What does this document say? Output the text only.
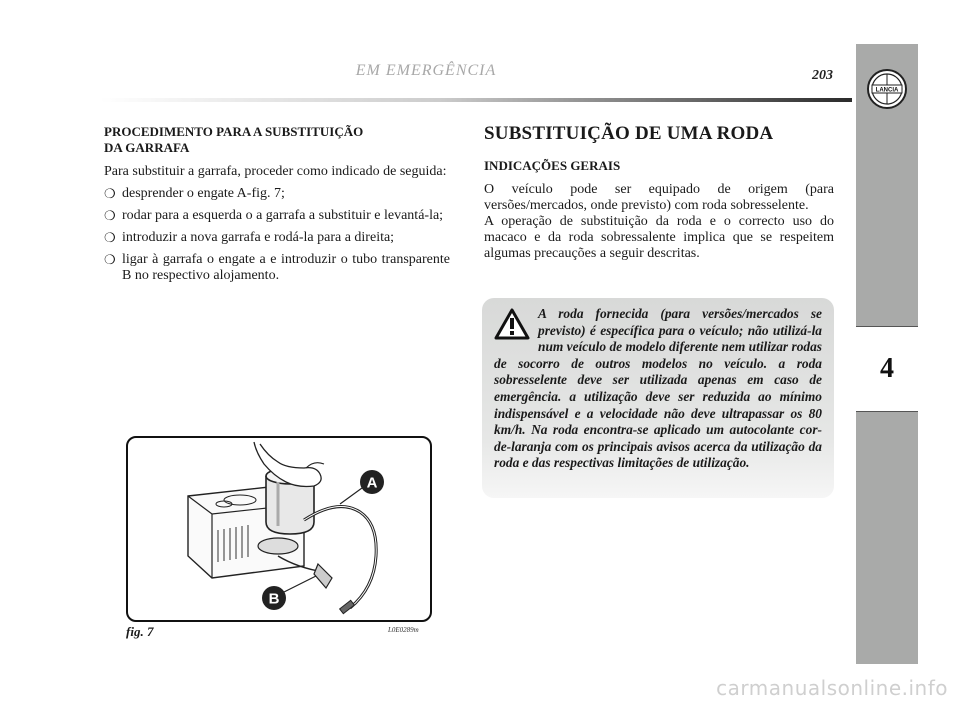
EM EMERGÊNCIA	203
LANCIA
4
PROCEDIMENTO PARA A SUBSTITUIÇÃO
DA GARRAFA

Para substituir a garrafa, proceder como indicado de seguida:

❍ desprender o engate A-fig. 7;
❍ rodar para a esquerda o a garrafa a substituir e levantá-la;
❍ introduzir a nova garrafa e rodá-la para a direita;
❍ ligar à garrafa o engate a e introduzir o tubo transparente B no respectivo alojamento.
SUBSTITUIÇÃO DE UMA RODA
INDICAÇÕES GERAIS

O veículo pode ser equipado de origem (para versões/mercados, onde previsto) com roda sobresselente.

A operação de substituição da roda e o correcto uso do macaco e da roda sobressalente implica que se respeitem algumas precauções a seguir descritas.

A roda fornecida (para versões/mercados se previsto) é específica para o veículo; não utilizá-la num veículo de modelo diferente nem utilizar rodas de socorro de outros modelos no veículo. a roda sobresselente deve ser utilizada apenas em caso de emergência. a utilização deve ser reduzida ao mínimo indispensável e a velocidade não deve ultrapassar os 80 km/h. Na roda encontra-se aplicado um autocolante cor-de-laranja com os principais avisos acerca da utilização da roda e das respectivas limitações de utilização.

A
B
fig. 7	L0E0289m
carmanualsonline.info
